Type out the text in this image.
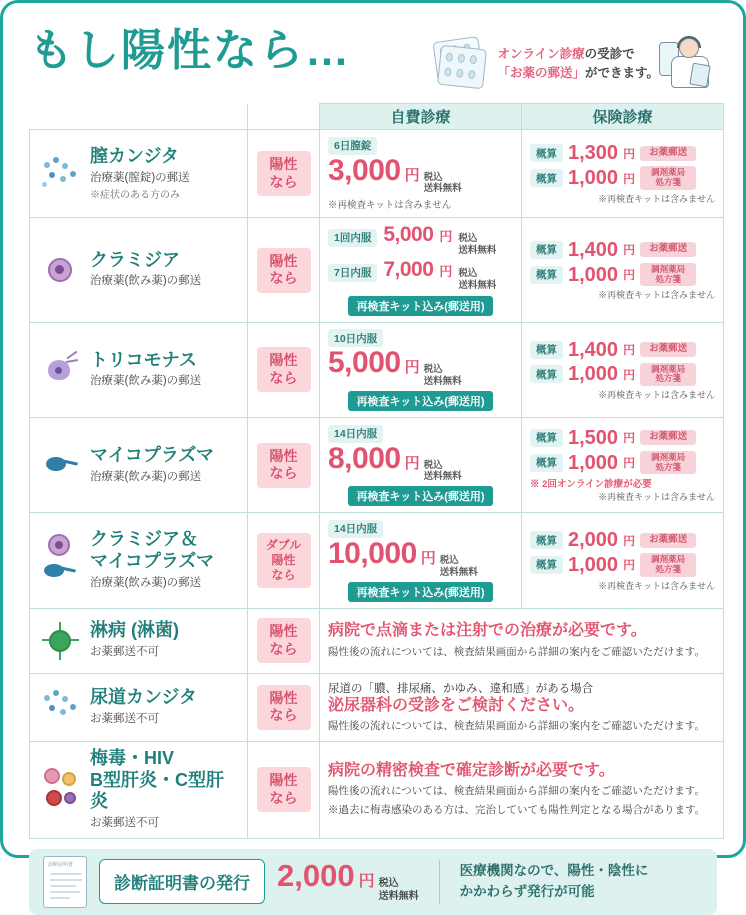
もし陽性なら…	オンライン診療の受診で
「お薬の郵送」ができます。
		自費診療	保険診療

膣カンジタ
治療薬(膣錠)の郵送
※症状のある方のみ

陽性
なら

6日膣錠
3,000 円 税込
送料無料
※再検査キットは含みません

概算 1,300 円	お薬郵送
概算 1,000 円	調剤薬局
処方箋
※再検査キットは含みません

クラミジア
治療薬(飲み薬)の郵送

陽性
なら

1回内服 5,000 円 税込
送料無料
7日内服 7,000 円 税込
送料無料
再検査キット込み(郵送用)

概算 1,400 円	お薬郵送
概算 1,000 円	調剤薬局
処方箋
※再検査キットは含みません

トリコモナス
治療薬(飲み薬)の郵送

陽性
なら

10日内服
5,000 円 税込
送料無料
再検査キット込み(郵送用)

概算 1,400 円	お薬郵送
概算 1,000 円	調剤薬局
処方箋
※再検査キットは含みません

マイコプラズマ
治療薬(飲み薬)の郵送

陽性
なら

14日内服
8,000 円 税込
送料無料
再検査キット込み(郵送用)

概算 1,500 円	お薬郵送
概算 1,000 円	調剤薬局
処方箋
※ 2回オンライン診療が必要
※再検査キットは含みません

クラミジア＆
マイコプラズマ
治療薬(飲み薬)の郵送

ダブル
陽性
なら

14日内服
10,000 円 税込
送料無料
再検査キット込み(郵送用)

概算 2,000 円	お薬郵送
概算 1,000 円	調剤薬局
処方箋
※再検査キットは含みません

淋病 (淋菌)
お薬郵送不可

陽性
なら

病院で点滴または注射での治療が必要です。
陽性後の流れについては、検査結果画面から詳細の案内をご確認いただけます。

尿道カンジタ
お薬郵送不可

陽性
なら

尿道の「膿、排尿痛、かゆみ、違和感」がある場合
泌尿器科の受診をご検討ください。
陽性後の流れについては、検査結果画面から詳細の案内をご確認いただけます。

梅毒・HIV
B型肝炎・C型肝炎
お薬郵送不可

陽性
なら

病院の精密検査で確定診断が必要です。
陽性後の流れについては、検査結果画面から詳細の案内をご確認いただけます。
※過去に梅毒感染のある方は、完治していても陽性判定となる場合があります。
診断証明書
診断証明書の発行 2,000 円 税込
送料無料
医療機関なので、陽性・陰性に
かかわらず発行が可能
